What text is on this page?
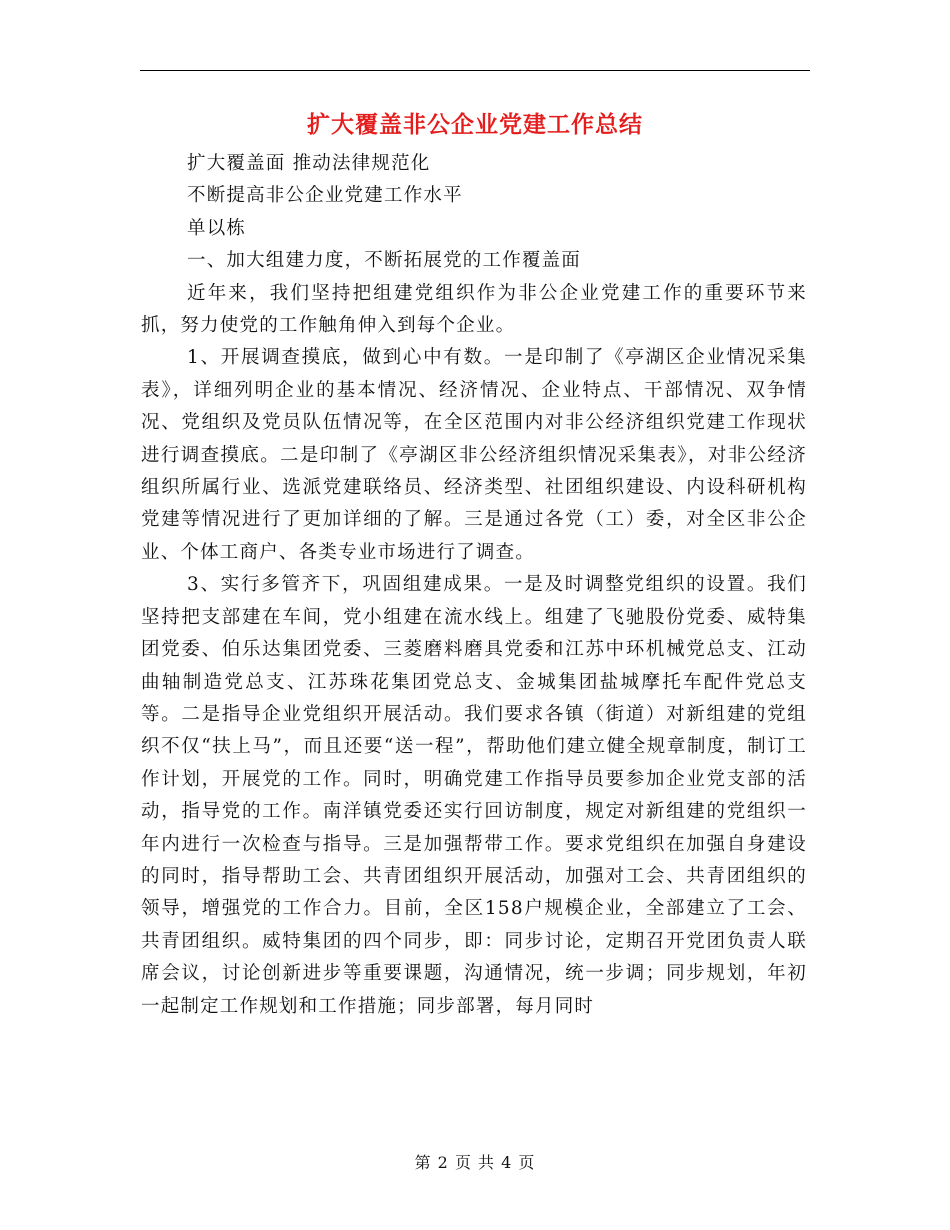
扩大覆盖非公企业党建工作总结

扩大覆盖面 推动法律规范化

不断提高非公企业党建工作水平

单以栋

一、加大组建力度，不断拓展党的工作覆盖面

近年来，我们坚持把组建党组织作为非公企业党建工作的重要环节来抓，努力使党的工作触角伸入到每个企业。

1、开展调查摸底，做到心中有数。一是印制了《亭湖区企业情况采集表》，详细列明企业的基本情况、经济情况、企业特点、干部情况、双争情况、党组织及党员队伍情况等，在全区范围内对非公经济组织党建工作现状进行调查摸底。二是印制了《亭湖区非公经济组织情况采集表》，对非公经济组织所属行业、选派党建联络员、经济类型、社团组织建设、内设科研机构党建等情况进行了更加详细的了解。三是通过各党（工）委，对全区非公企业、个体工商户、各类专业市场进行了调查。

3、实行多管齐下，巩固组建成果。一是及时调整党组织的设置。我们坚持把支部建在车间，党小组建在流水线上。组建了飞驰股份党委、威特集团党委、伯乐达集团党委、三菱磨料磨具党委和江苏中环机械党总支、江动曲轴制造党总支、江苏珠花集团党总支、金城集团盐城摩托车配件党总支等。二是指导企业党组织开展活动。我们要求各镇（街道）对新组建的党组织不仅“扶上马”，而且还要“送一程”，帮助他们建立健全规章制度，制订工作计划，开展党的工作。同时，明确党建工作指导员要参加企业党支部的活动，指导党的工作。南洋镇党委还实行回访制度，规定对新组建的党组织一年内进行一次检查与指导。三是加强帮带工作。要求党组织在加强自身建设的同时，指导帮助工会、共青团组织开展活动，加强对工会、共青团组织的领导，增强党的工作合力。目前，全区158户规模企业，全部建立了工会、共青团组织。威特集团的四个同步，即：同步讨论，定期召开党团负责人联席会议，讨论创新进步等重要课题，沟通情况，统一步调；同步规划，年初一起制定工作规划和工作措施；同步部署，每月同时

第 2 页 共 4 页
